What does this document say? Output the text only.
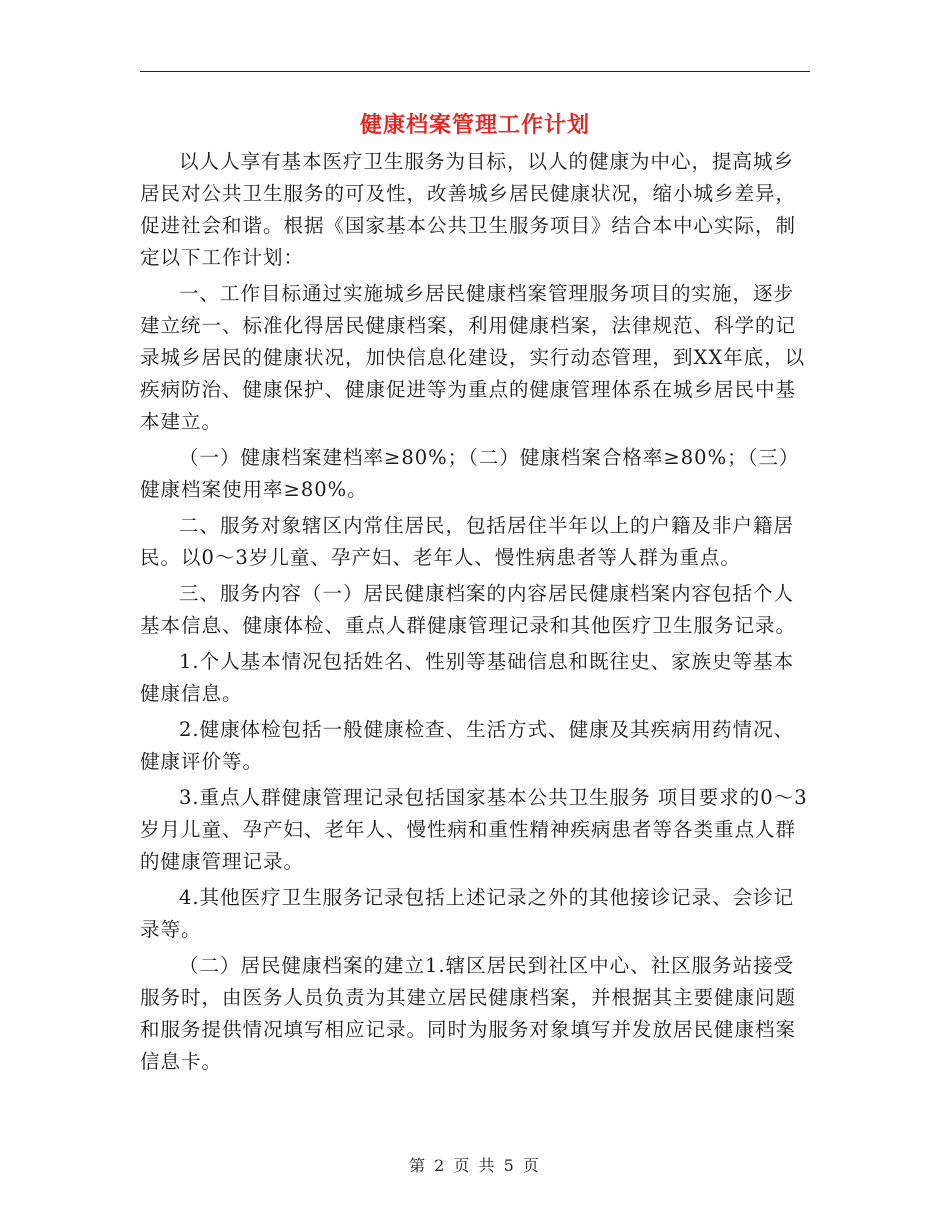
健康档案管理工作计划

以人人享有基本医疗卫生服务为目标，以人的健康为中心，提高城乡居民对公共卫生服务的可及性，改善城乡居民健康状况，缩小城乡差异，促进社会和谐。根据《国家基本公共卫生服务项目》结合本中心实际，制定以下工作计划：

一、工作目标通过实施城乡居民健康档案管理服务项目的实施，逐步建立统一、标准化得居民健康档案，利用健康档案，法律规范、科学的记录城乡居民的健康状况，加快信息化建设，实行动态管理，到XX年底，以疾病防治、健康保护、健康促进等为重点的健康管理体系在城乡居民中基本建立。

（一）健康档案建档率≥80%；（二）健康档案合格率≥80%；（三）健康档案使用率≥80%。

二、服务对象辖区内常住居民，包括居住半年以上的户籍及非户籍居民。以0～3岁儿童、孕产妇、老年人、慢性病患者等人群为重点。

三、服务内容（一）居民健康档案的内容居民健康档案内容包括个人基本信息、健康体检、重点人群健康管理记录和其他医疗卫生服务记录。

1.个人基本情况包括姓名、性别等基础信息和既往史、家族史等基本健康信息。

2.健康体检包括一般健康检查、生活方式、健康及其疾病用药情况、健康评价等。

3.重点人群健康管理记录包括国家基本公共卫生服务 项目要求的0～3岁月儿童、孕产妇、老年人、慢性病和重性精神疾病患者等各类重点人群的健康管理记录。

4.其他医疗卫生服务记录包括上述记录之外的其他接诊记录、会诊记录等。

（二）居民健康档案的建立1.辖区居民到社区中心、社区服务站接受服务时，由医务人员负责为其建立居民健康档案，并根据其主要健康问题和服务提供情况填写相应记录。同时为服务对象填写并发放居民健康档案信息卡。

第 2 页 共 5 页
